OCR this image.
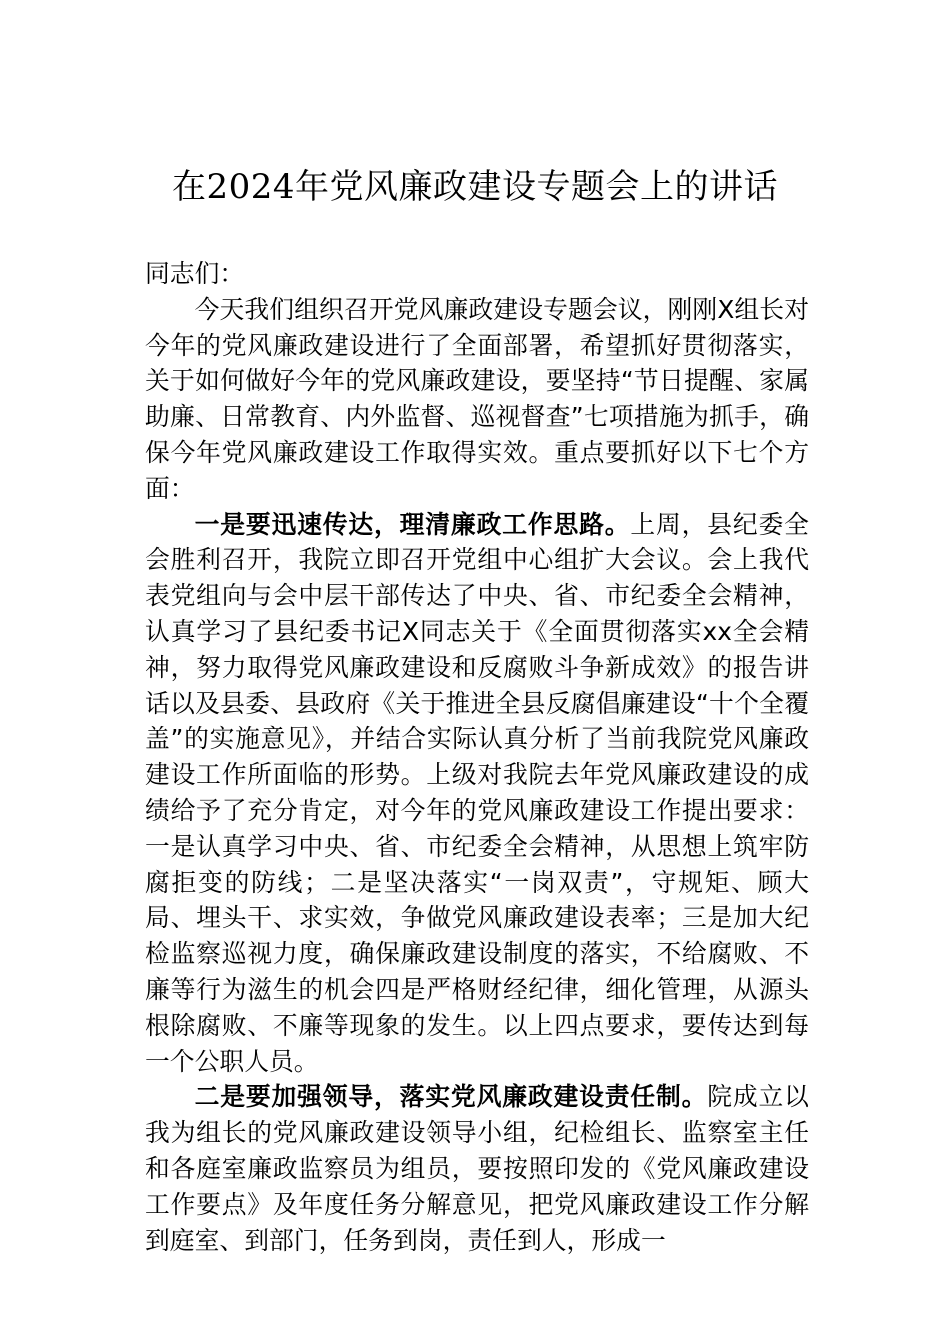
在2024年党风廉政建设专题会上的讲话

同志们：

今天我们组织召开党风廉政建设专题会议，刚刚X组长对今年的党风廉政建设进行了全面部署，希望抓好贯彻落实，关于如何做好今年的党风廉政建设，要坚持“节日提醒、家属助廉、日常教育、内外监督、巡视督查”七项措施为抓手，确保今年党风廉政建设工作取得实效。重点要抓好以下七个方面：

一是要迅速传达，理清廉政工作思路。上周，县纪委全会胜利召开，我院立即召开党组中心组扩大会议。会上我代表党组向与会中层干部传达了中央、省、市纪委全会精神，认真学习了县纪委书记X同志关于《全面贯彻落实xx全会精神，努力取得党风廉政建设和反腐败斗争新成效》的报告讲话以及县委、县政府《关于推进全县反腐倡廉建设“十个全覆盖”的实施意见》，并结合实际认真分析了当前我院党风廉政建设工作所面临的形势。上级对我院去年党风廉政建设的成绩给予了充分肯定，对今年的党风廉政建设工作提出要求：一是认真学习中央、省、市纪委全会精神，从思想上筑牢防腐拒变的防线；二是坚决落实“一岗双责”，守规矩、顾大局、埋头干、求实效，争做党风廉政建设表率；三是加大纪检监察巡视力度，确保廉政建设制度的落实，不给腐败、不廉等行为滋生的机会四是严格财经纪律，细化管理，从源头根除腐败、不廉等现象的发生。以上四点要求，要传达到每一个公职人员。

二是要加强领导，落实党风廉政建设责任制。院成立以我为组长的党风廉政建设领导小组，纪检组长、监察室主任和各庭室廉政监察员为组员，要按照印发的《党风廉政建设工作要点》及年度任务分解意见，把党风廉政建设工作分解到庭室、到部门，任务到岗，责任到人，形成一
